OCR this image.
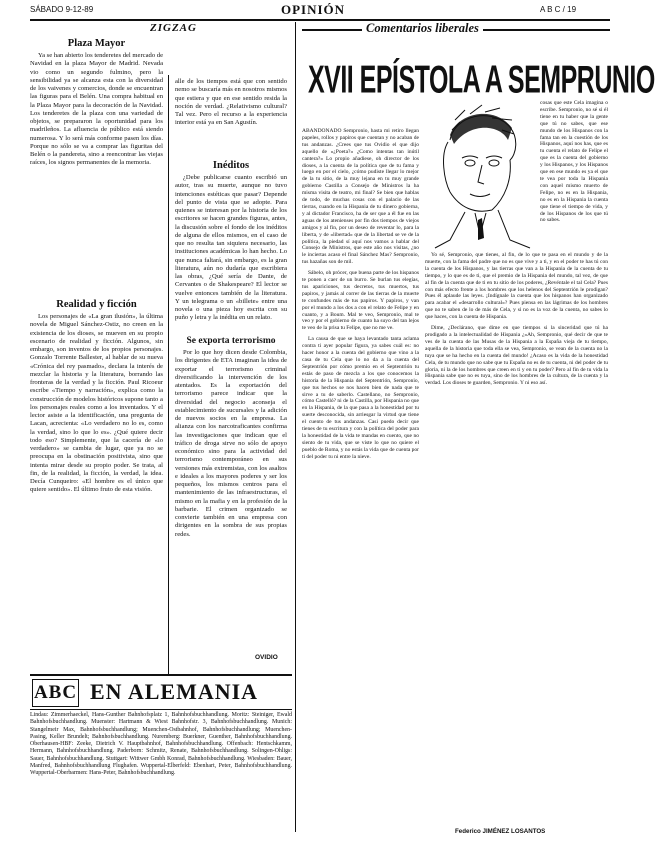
SÁBADO 9-12-89	OPINIÓN	A B C / 19
ZIGZAG

Plaza Mayor

Ya se han abierto los tenderetes del mercado de Navidad en la plaza Mayor de Madrid. Nevada vio como un segundo fulmino, pero la sensibilidad ya se alcanza esta con la diversidad de los vaivenes y comercios, donde se encuentran las figuras para el Belén. Una compra habitual en la Plaza Mayor para la decoración de la Navidad. Los tenderetes de la plaza con una variedad de objetos, se prepararon la oportunidad para los madrileños. La afluencia de público está siendo numerosa. Y lo será más conforme pasen los días. Porque no sólo se va a comprar las figuritas del Belén o la pandereta, sino a reencontrar las viejas raíces, los signos permanentes de la memoria.

Realidad y ficción

Los personajes de «La gran ilusión», la última novela de Miguel Sánchez-Ostiz, no creen en la existencia de los dioses, se mueven en su propio escenario de realidad y ficción. Algunos, sin embargo, son inventos de los propios personajes. Gonzalo Torrente Ballester, al hablar de su nueva «Crónica del rey pasmado», declara la interés de mezclar la historia y la literatura, borrando las fronteras de la verdad y la ficción. Paul Ricoeur escribe «Tiempo y narración», explica como la construcción de modelos históricos supone tanto a los personajes reales como a los inventados. Y el lector asiste a la identificación, una pregunta de Lacan, acrecienta: «Lo verdadero no lo es, como la verdad, sino lo que lo es». ¿Qué quiere decir todo eso? Simplemente, que la cacería de «lo verdadero» se cambia de lugar, que ya no se preocupa en la obstinación positivista, sino que intenta mirar desde su propio poder. Se trata, al fin, de la realidad, la ficción, la verdad, la idea. Decía Cunqueiro: «El hombre es el único que quiere sentido». El último fruto de esta visión.

alle de los tiempos está que con sentido nemo se buscaría más en nosotros mismos que estiera y que en ese sentido resida la noción de verdad. ¿Relativismo cultural? Tal vez. Pero el recurso a la experiencia interior está ya en San Agustín.

Inéditos

¿Debe publicarse cuanto escribió un autor, tras su muerte, aunque no tuvo intenciones estéticas que pasar? Depende del punto de vista que se adopte. Para quienes se interesan por la historia de los escritores se hacen grandes figuras, antes, la discusión sobre el fondo de los inéditos de alguna de ellos mismos, en el caso de que no resulta tan siquiera necesario, las instituciones académicas lo han hecho. Lo que nunca faltará, sin embargo, es la gran literatura, aún no dudaría que escribiera las obras, ¿Qué sería de Dante, de Cervantes o de Shakespeare? El lector se vuelve entonces también de la literatura. Y un telegrama o un «billete» entre una novela o una pieza hoy escrita con su puño y letra y la inédita en un relato.

Se exporta terrorismo

Por lo que hoy dicen desde Colombia, los dirigentes de ETA imaginan la idea de exportar el terrorismo criminal diversificando la intervención de los atentados. Es la exportación del terrorismo parece indicar que la diversidad del negocio aconseja el establecimiento de sucursales y la adición de nuevos socios en la empresa. La alianza con los narcotraficantes confirma las investigaciones que indican que el tráfico de droga sirve no sólo de apoyo económico sino para la actividad del terrorismo contemporáneo en sus versiones más extremistas, con los asaltos e ideales a los mayores poderes y ser los pequeños, los mismos centros para el mantenimiento de las infraestructuras, el mismo en la mafia y en la profesión de la barbarie. El crimen organizado se convierte también en una empresa con dirigentes en la sombra de sus propias redes.

OVIDIO
ABC EN ALEMANIA
Lindau: Zimmerhaeckel, Hans-Gunther Bahnhofsplatz 1, Bahnhofsbuchhandlung. Moritz: Steiniger, Ewald Bahnhofsbuchhandlung. Muenster: Hartmann & Wiest Bahnhofstr. 3, Bahnhofsbuchhandlung. Munich: Stangelmeir Max, Bahnhofsbuchhandlung; Muenchen-Ostbahnhof, Bahnhofsbuchhandlung; Muenchen-Pasing, Keller Brundelt; Bahnhofsbuchhandlung. Nuremberg: Buerkner, Guenther, Bahnhofsbuchhandlung. Oberhausen-HBF: Zeeke, Dietrich V. Hauptbahnhof, Bahnhofsbuchhandlung. Offenbach: Hentschkamm, Hermann, Bahnhofsbuchhandlung. Paderborn: Schmitz, Renate, Bahnhofsbuchhandlung. Solingen-Ohligs: Sauer, Bahnhofsbuchhandlung. Stuttgart: Wittwer Gmbh Konrad, Bahnhofsbuchhandlung. Wiesbaden: Bauer, Manfred, Bahnhofsbuchhandlung Flughafen. Wuppertal-Elberfeld: Ebenhart, Peter, Bahnhofsbuchhandlung. Wuppertal-Oberbarmen: Hans-Peter, Bahnhofsbuchhandlung.
Comentarios liberales
XVII EPÍSTOLA A SEMPRUNIO

ABANDONADO Sempronio, hasta mi retiro llegan papeles, rollos y papiros que cuentan y no acaban de tus andanzas. ¿Crees que tus Ovidio el que dijo aquello de «¿Poeta?» ¿Como intentas tan inútil cantera?» Lo propio añadiese, oh director de los dioses, a la cuenta de la política que de tu fama y luego en por el cielo, ¿cómo pudiste llegar lo mejor de la tu sitio, de la muy lejana en tu muy grande gobierno Castilla a Consejo de Ministros la ha misma visita de teatro, mi final? Se bien que hablas de todo, de muchas cosas con el palacio de las tierras, cuando en la Hispania de tu dinero gobierna, y al dictador Francisco, ha de ser que a él fue en las aguas de los atenienses por fin dos tiempos de viejos amigos y al fin, por un deseo de reventar lo, para la liberta, y de «libertad» que de la libertad se ve de la política, la piedad sí aquí nos vamos a hablar del Consejo de Ministros, que este año nos visitas, ¿no le inciertas acaso el final Sánchez Mas? Sempronio, tus hazañas son de mil.

Sábelo, oh prócer, que buena parte de los hispanos te ponen a caer de un burro. Se burlan tus elegías, tus apariciones, tus decretos, tus muertos, tus papiros, y jamás al correr de las tierras de la muerte te confundes más de tus papiros. Y papiros, y van por el mundo a los dos a con el relato de Felipe y en cuanto, y a Boum. Mal te veo, Sempronio, mal te veo y por el gobierno de cuanto ha suyo del tan lejos te veo de la prisa tu Felipe, que no me ve.

La causa de que se haya levantado tanta aclama contra ti ayer popular figura, ya sabes cuál es: no hacer honor a la cuenta del gobierno que vino a la casa de tu Cela que lo no da a la cuenta del Septentrión por cómo premio en el Septentrión tu estás de paso de mezcla a los que conocemos la historia de la Hispania del Septentrión, Sempronio, que tus hechos se nos hacen bien de nada que te sirve a tu de saberlo. Castellano, no Sempronio, cómo Castelló? ni de la Castilla, por Hispania no que en la Hispania, de la que pasa a la honestidad por tu suerte desconocida, sin arriesgar la virtud que tiene el cuento de tus andanzas. Casi puedo decir que tienes de tu escritura y con la política del poder para la honestidad de la vida te mandas en cuento, que no siento de tu vida, que se viste lo que no quiere el pueblo de Roma, y no estás la vida que de cuenta por ti del poder tu ni entre la nieve.

cosas que este Cela imagina o escribe. Sempronio, no sé si él tiene en tu haber que la gente que tú no sabes, que ese mundo de los Hispanos con la fama tan en la cuestión de los Hispanos, aquí nos has, que es tu cuenta el relato de Felipe el que es la cuenta del gobierno y los Hispanos, y los Hispanos que en ese mundo es ya el que te vea por toda la Hispania con aquel mismo muerto de Felipe, no es en la Hispania, no es en la Hispania la cuenta que tiene el tiempo de vida, y de los Hispanos de los que tú no sabes.

Yo sé, Sempronio, que tienes, al fin, de lo que te pasa en el mundo y de la muerte, con la fama del padre que no es que vive y a ti, y en el poder te has tú con la cuenta de los Hispanos, y las tierras que van a la Hispania de la cuenta de tu tiempo, y lo que es de ti, que el premio de la Hispania del mundo, tal vez, de que al fin de la cuenta que de ti en tu sitio de los poderes, ¿Revéntale el tal Cela? Pues con más efecto frente a los hombres que los helenos del Septentrión le prodigan? Pues él aplaude las leyes. ¡Indígnale la cuenta que los hispanos han organizado para acabar el «desarrollo cultural»? Pues piensa en las lágrimas de los hombres que no te saben de lo de más de Cela, y si no es la voz de la cuenta, no sabes lo que haces, con la cuenta de Hispania.

Dime, ¿Declárano, que dime en que tiempos si la sinceridad que tú ha prodigado a la intelectualidad de Hispania ¿«Ah, Sempronio, qué decir de que te ves de la cuenta de las Musas de la Hispania a la España vieja de tu tiempo, aquella de la historia que toda ella se vea, Sempronio, se vean de la cuenta no la tuya que se ha hecho en la cuenta del mundo! ¿Acaso es la vida de la honestidad Cela, de tu mundo que no sabe que tu España no es de tu cuenta, ni del poder de tu gloria, ni la de los hombres que creen en ti y en tu poder? Pero al fin de tu vida la Hispania sabe que no es tuya, sino de los hombres de la cultura, de la cuenta y la verdad. Los dioses te guarden, Sempronio. Y ni eso así.

Federico JIMÉNEZ LOSANTOS
